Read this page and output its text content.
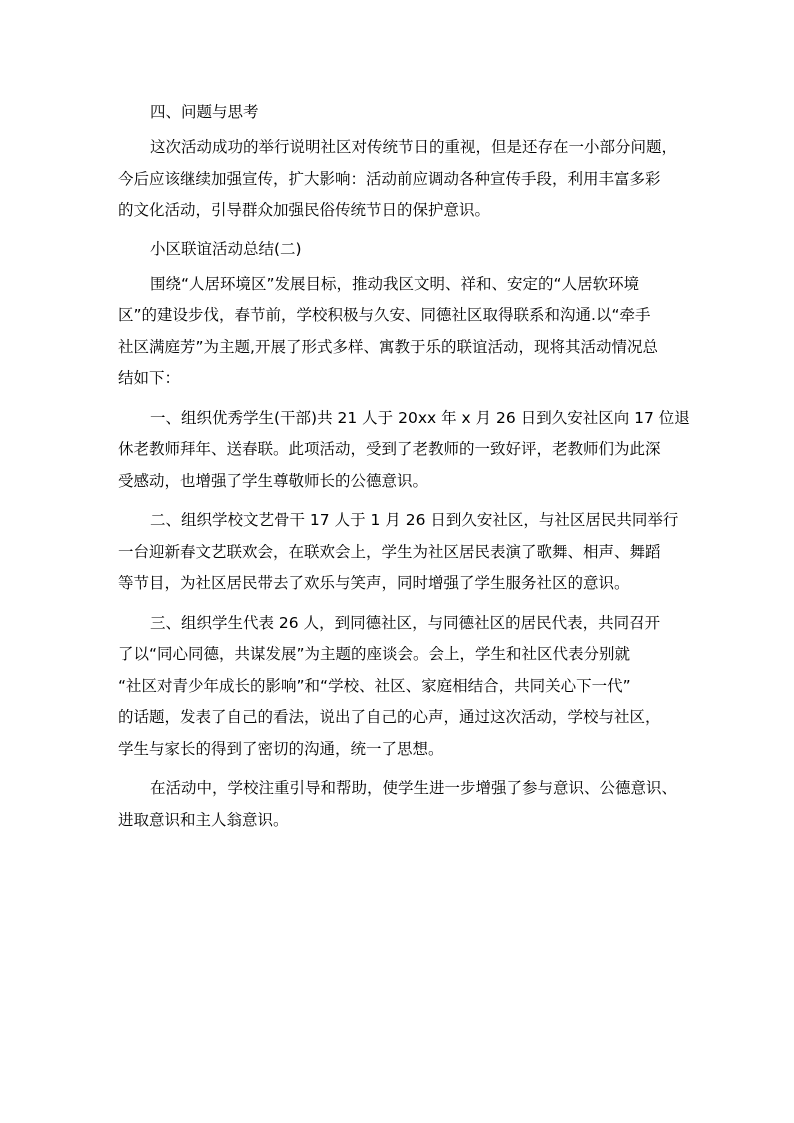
四、问题与思考
这次活动成功的举行说明社区对传统节日的重视，但是还存在一小部分问题，
今后应该继续加强宣传，扩大影响：活动前应调动各种宣传手段，利用丰富多彩
的文化活动，引导群众加强民俗传统节日的保护意识。
小区联谊活动总结(二)
围绕“人居环境区”发展目标，推动我区文明、祥和、安定的“人居软环境
区”的建设步伐，春节前，学校积极与久安、同德社区取得联系和沟通.以“牵手
社区满庭芳”为主题,开展了形式多样、寓教于乐的联谊活动，现将其活动情况总
结如下：
一、组织优秀学生(干部)共 21 人于 20xx 年 x 月 26 日到久安社区向 17 位退
休老教师拜年、送春联。此项活动，受到了老教师的一致好评，老教师们为此深
受感动，也增强了学生尊敬师长的公德意识。
二、组织学校文艺骨干 17 人于 1 月 26 日到久安社区，与社区居民共同举行
一台迎新春文艺联欢会，在联欢会上，学生为社区居民表演了歌舞、相声、舞蹈
等节目，为社区居民带去了欢乐与笑声，同时增强了学生服务社区的意识。
三、组织学生代表 26 人，到同德社区，与同德社区的居民代表，共同召开
了以“同心同德，共谋发展”为主题的座谈会。会上，学生和社区代表分别就
“社区对青少年成长的影响”和“学校、社区、家庭相结合，共同关心下一代”
的话题，发表了自己的看法，说出了自己的心声，通过这次活动，学校与社区，
学生与家长的得到了密切的沟通，统一了思想。
在活动中，学校注重引导和帮助，使学生进一步增强了参与意识、公德意识、
进取意识和主人翁意识。
